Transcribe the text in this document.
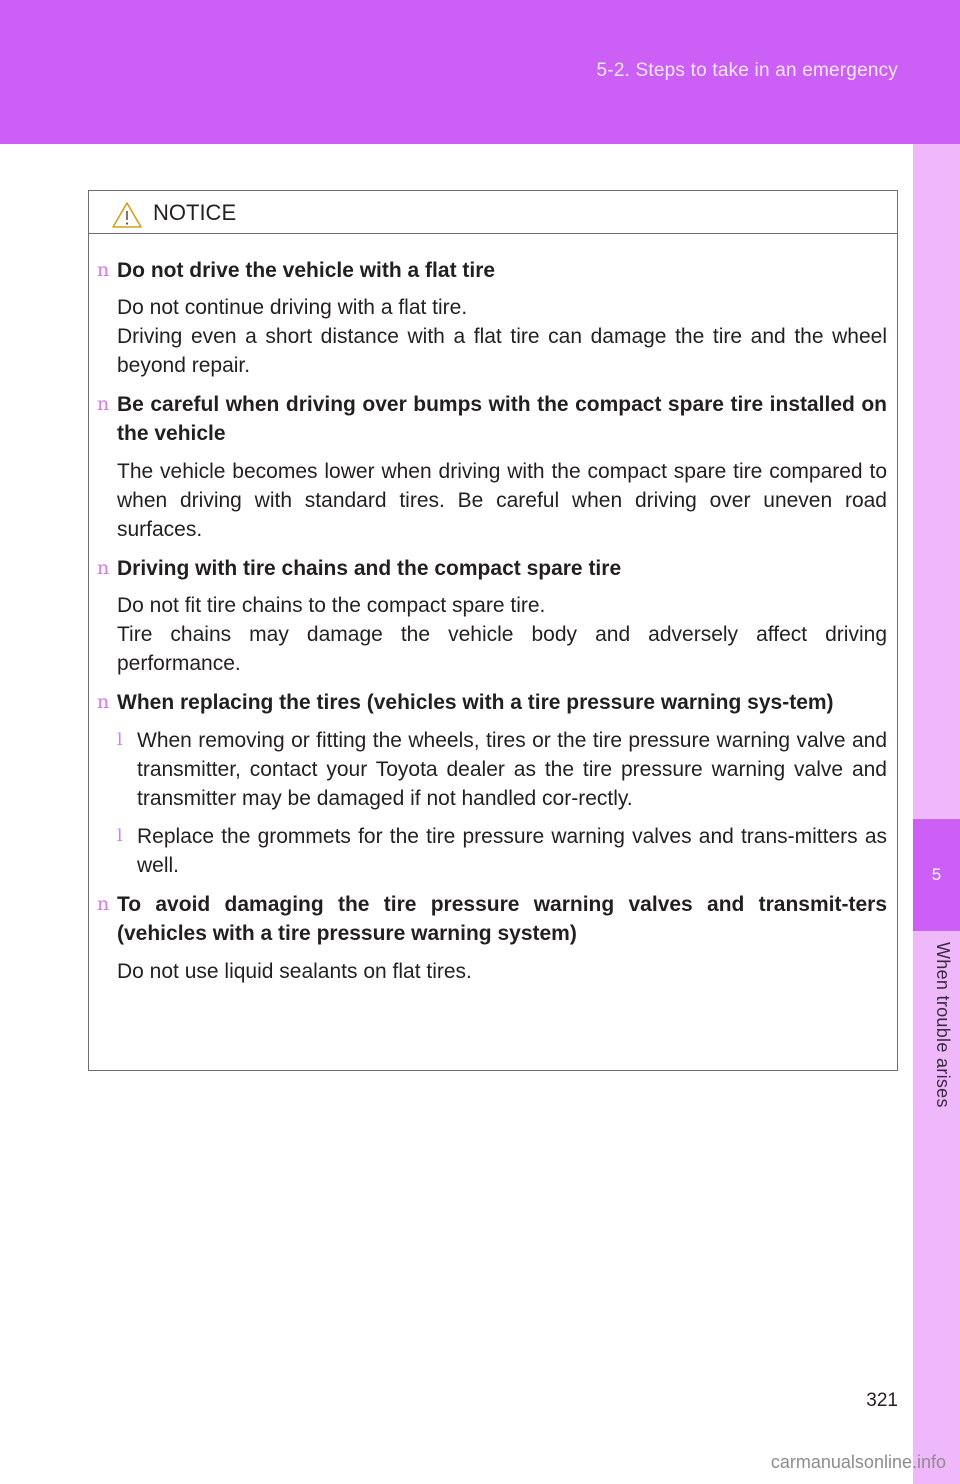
5-2. Steps to take in an emergency
5
When trouble arises
NOTICE
n Do not drive the vehicle with a flat tire
Do not continue driving with a flat tire.
Driving even a short distance with a flat tire can damage the tire and the wheel beyond repair.
n Be careful when driving over bumps with the compact spare tire installed on the vehicle
The vehicle becomes lower when driving with the compact spare tire compared to when driving with standard tires. Be careful when driving over uneven road surfaces.
n Driving with tire chains and the compact spare tire
Do not fit tire chains to the compact spare tire.
Tire chains may damage the vehicle body and adversely affect driving performance.
n When replacing the tires (vehicles with a tire pressure warning sys-tem)
l When removing or fitting the wheels, tires or the tire pressure warning valve and transmitter, contact your Toyota dealer as the tire pressure warning valve and transmitter may be damaged if not handled cor-rectly.
l Replace the grommets for the tire pressure warning valves and trans-mitters as well.
n To avoid damaging the tire pressure warning valves and transmit-ters (vehicles with a tire pressure warning system)
Do not use liquid sealants on flat tires.
321
carmanualsonline.info
